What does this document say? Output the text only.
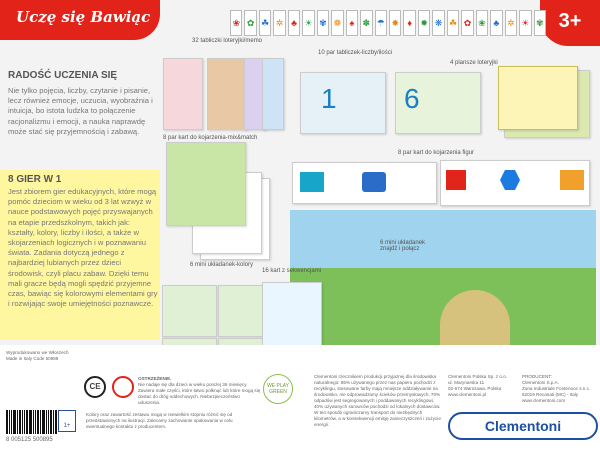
Uczę się Bawiąc	3+
❀ ✿ ☘ ✲ ♣ ☀ ✾ ❁ ♠ ✽ ☂ ✸ ♦ ✹ ❋ ☘ ✿ ❀ ♣ ✲ ☀ ✾
32 tabliczki loteryjki/memo
10 par tabliczek-liczby/ilości
4 plansze loteryjki
RADOŚĆ UCZENIA SIĘ
Nie tylko pojęcia, liczby, czytanie i pisanie, lecz również emocje, uczucia, wyobraźnia i intuicja, bo istota ludzka to połączenie racjonalizmu i emocji, a nauka naprawdę może stać się przyjemnością i zabawą.
8 par kart do kojarzenia-mix&match
1	6
8 par kart do kojarzenia figur
8 GIER W 1
Jest zbiorem gier edukacyjnych, które mogą pomóc dzieciom w wieku od 3 lat wzwyż w nauce podstawowych pojęć przyswajanych na etapie przedszkolnym, takich jak: kształty, kolory, liczby i ilości, a także w skojarzeniach logicznych i w poznawaniu świata. Zadania dotyczą jednego z najbardziej lubianych przez dzieci środowisk, czyli placu zabaw. Dzięki temu mali gracze będą mogli spędzić przyjemne czas, bawiąc się kolorowymi elementami gry i rozwijając swoje umiejętności poznawcze.
6 mini układanek-kolory
6 mini układanek znajdź i połącz
16 kart z sekwencjami
Wyprodukowano we Włoszech
Made in Italy Code 50889
CE
OSTRZEŻENIE.
Nie nadaje się dla dzieci w wieku poniżej 36 miesięcy. Zawiera małe części, które łatwo połknąć lub które mogą się dostać do dróg oddechowych. Niebezpieczeństwo uduszenia.
Kolory oraz zawartość zestawu mogą w niewielkim stopniu różnić się od przedstawionych na ilustracji. Zalecamy zachowanie opakowania w celu ewentualnego kontaktu z producentem.
WE PLAY GREEN
Clementoni rzecznikiem produkcji przyjaznej dla środowiska naturalnego: 85% używanego przez nas papieru pochodzi z recyklingu, stosowane farby mają mniejsze oddziaływanie na środowisko, nie odprowadzamy ścieków przemysłowych, 70% odpadów jest segregowanych i poddawanych recyklingowi, 40% używanych surowców pochodzi od lokalnych dostawców. W ten sposób ograniczamy transport do niezbędnych kilometrów, a w konsekwencji emisję zanieczyszczeń i zużycie energii.
Clementoni Polska Sp. z o.o.
ul. Marynarska 11
02-674 Warszawa, Polska
www.clementoni.pl
PRODUCENT:
Clementoni S.p.A.
Zona Industriale Fontenoce s.n.c.
62019 Recanati (MC) - Italy
www.clementoni.com
8 005125 500895
1+	Clementoni
